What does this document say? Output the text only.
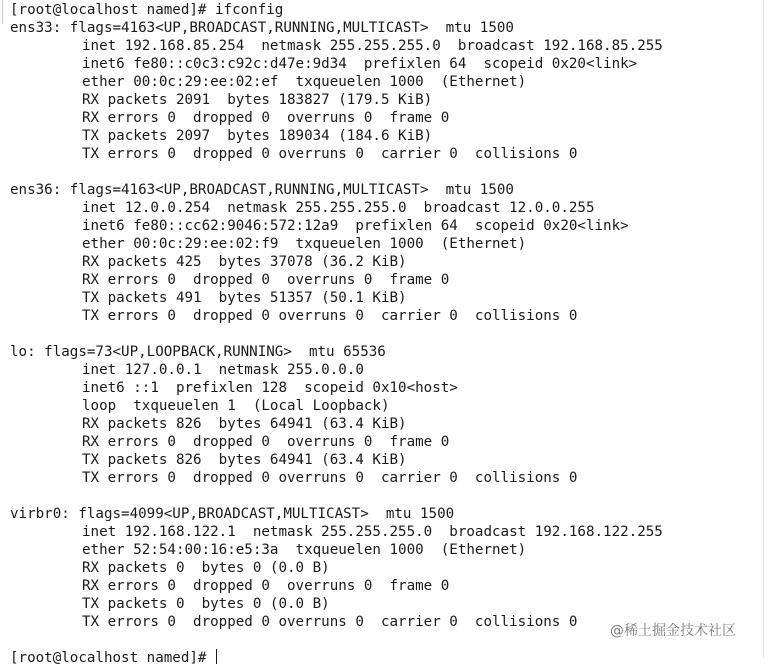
[root@localhost named]# ifconfig
ens33: flags=4163<UP,BROADCAST,RUNNING,MULTICAST>  mtu 1500
inet 192.168.85.254  netmask 255.255.255.0  broadcast 192.168.85.255
inet6 fe80::c0c3:c92c:d47e:9d34  prefixlen 64  scopeid 0x20<link>
ether 00:0c:29:ee:02:ef  txqueuelen 1000  (Ethernet)
RX packets 2091  bytes 183827 (179.5 KiB)
RX errors 0  dropped 0  overruns 0  frame 0
TX packets 2097  bytes 189034 (184.6 KiB)
TX errors 0  dropped 0 overruns 0  carrier 0  collisions 0
ens36: flags=4163<UP,BROADCAST,RUNNING,MULTICAST>  mtu 1500
inet 12.0.0.254  netmask 255.255.255.0  broadcast 12.0.0.255
inet6 fe80::cc62:9046:572:12a9  prefixlen 64  scopeid 0x20<link>
ether 00:0c:29:ee:02:f9  txqueuelen 1000  (Ethernet)
RX packets 425  bytes 37078 (36.2 KiB)
RX errors 0  dropped 0  overruns 0  frame 0
TX packets 491  bytes 51357 (50.1 KiB)
TX errors 0  dropped 0 overruns 0  carrier 0  collisions 0
lo: flags=73<UP,LOOPBACK,RUNNING>  mtu 65536
inet 127.0.0.1  netmask 255.0.0.0
inet6 ::1  prefixlen 128  scopeid 0x10<host>
loop  txqueuelen 1  (Local Loopback)
RX packets 826  bytes 64941 (63.4 KiB)
RX errors 0  dropped 0  overruns 0  frame 0
TX packets 826  bytes 64941 (63.4 KiB)
TX errors 0  dropped 0 overruns 0  carrier 0  collisions 0
virbr0: flags=4099<UP,BROADCAST,MULTICAST>  mtu 1500
inet 192.168.122.1  netmask 255.255.255.0  broadcast 192.168.122.255
ether 52:54:00:16:e5:3a  txqueuelen 1000  (Ethernet)
RX packets 0  bytes 0 (0.0 B)
RX errors 0  dropped 0  overruns 0  frame 0
TX packets 0  bytes 0 (0.0 B)
TX errors 0  dropped 0 overruns 0  carrier 0  collisions 0
@稀土掘金技术社区
[root@localhost named]#
